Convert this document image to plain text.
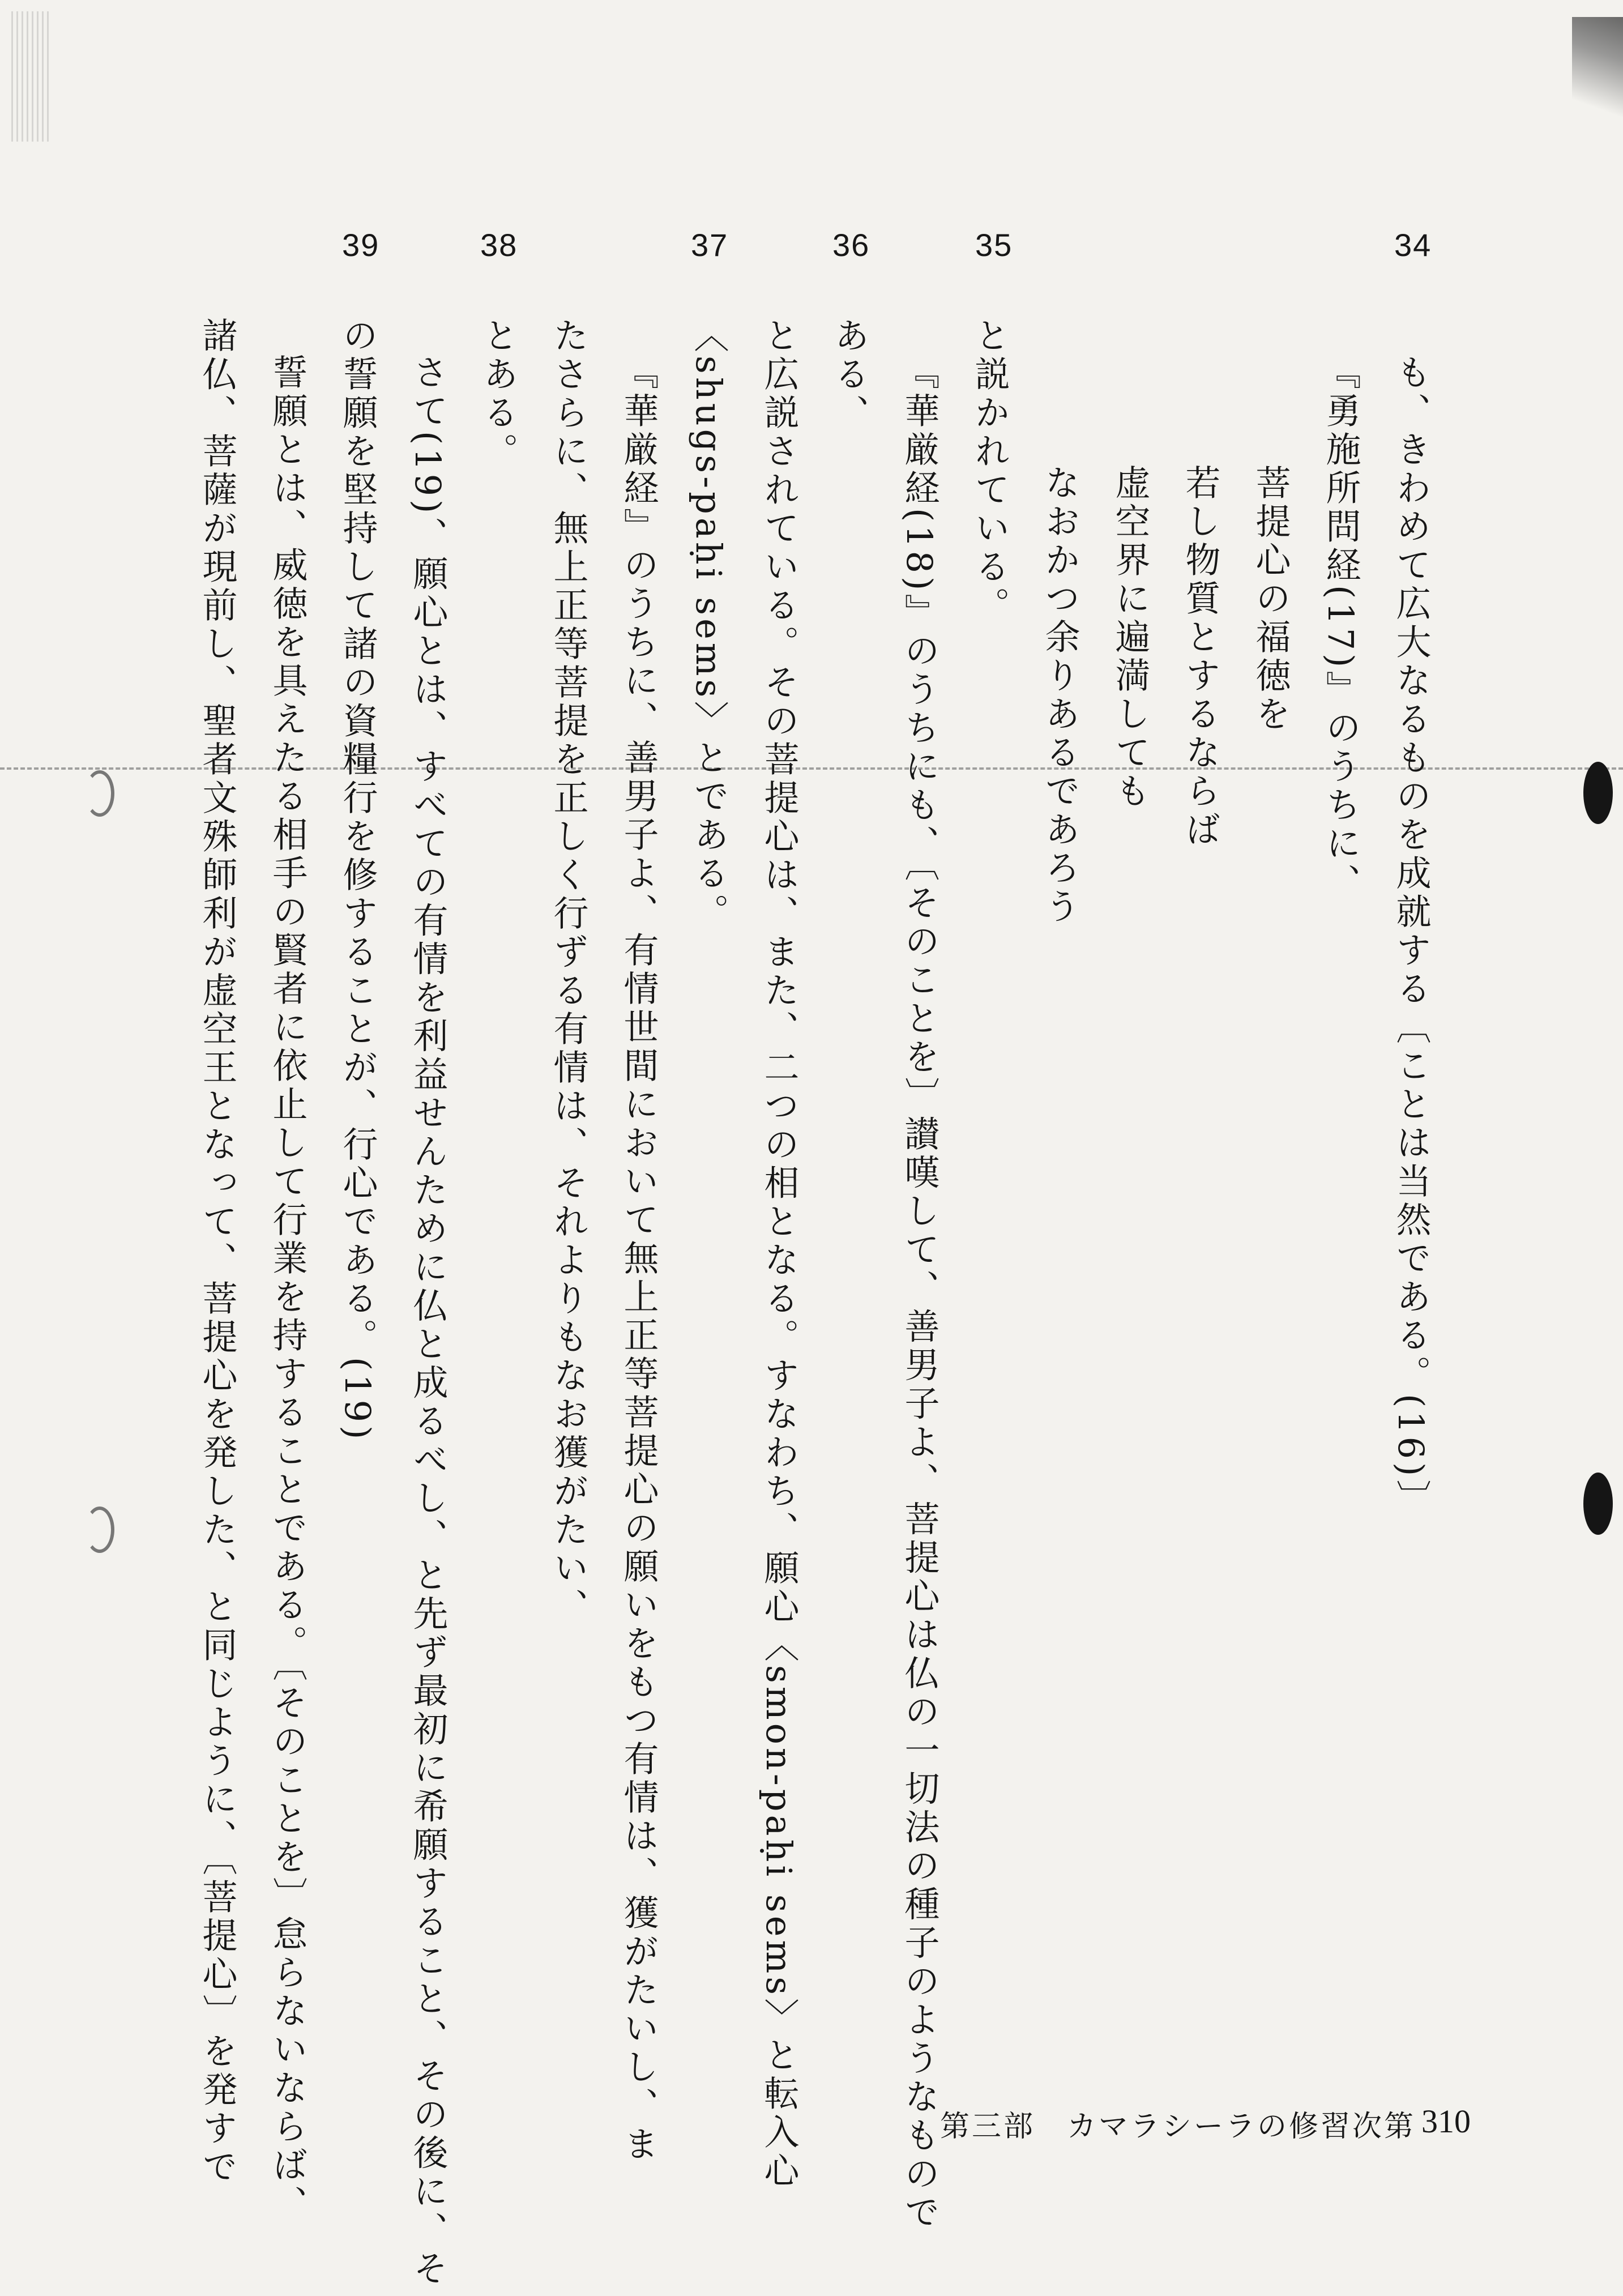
34
35
36
37
38
39
も、きわめて広大なるものを成就する〔ことは当然である。(16)〕
『勇施所問経(17)』のうちに、
菩提心の福徳を
若し物質とするならば
虚空界に遍満しても
なおかつ余りあるであろう
と説かれている。
『華厳経(18)』のうちにも、〔そのことを〕讃嘆して、善男子よ、菩提心は仏の一切法の種子のようなもので
ある、
と広説されている。その菩提心は、また、二つの相となる。すなわち、願心〈smon-paḥi sems〉と転入心
〈shugs-paḥi sems〉とである。
『華厳経』のうちに、善男子よ、有情世間において無上正等菩提心の願いをもつ有情は、獲がたいし、ま
たさらに、無上正等菩提を正しく行ずる有情は、それよりもなお獲がたい、
とある。
さて(19)、願心とは、すべての有情を利益せんために仏と成るべし、と先ず最初に希願すること、その後に、そ
の誓願を堅持して諸の資糧行を修することが、行心である。(19)
誓願とは、威徳を具えたる相手の賢者に依止して行業を持することである。〔そのことを〕怠らないならば、
諸仏、菩薩が現前し、聖者文殊師利が虚空王となって、菩提心を発した、と同じように、〔菩提心〕を発すで	第三部　カマラシーラの修習次第 310
